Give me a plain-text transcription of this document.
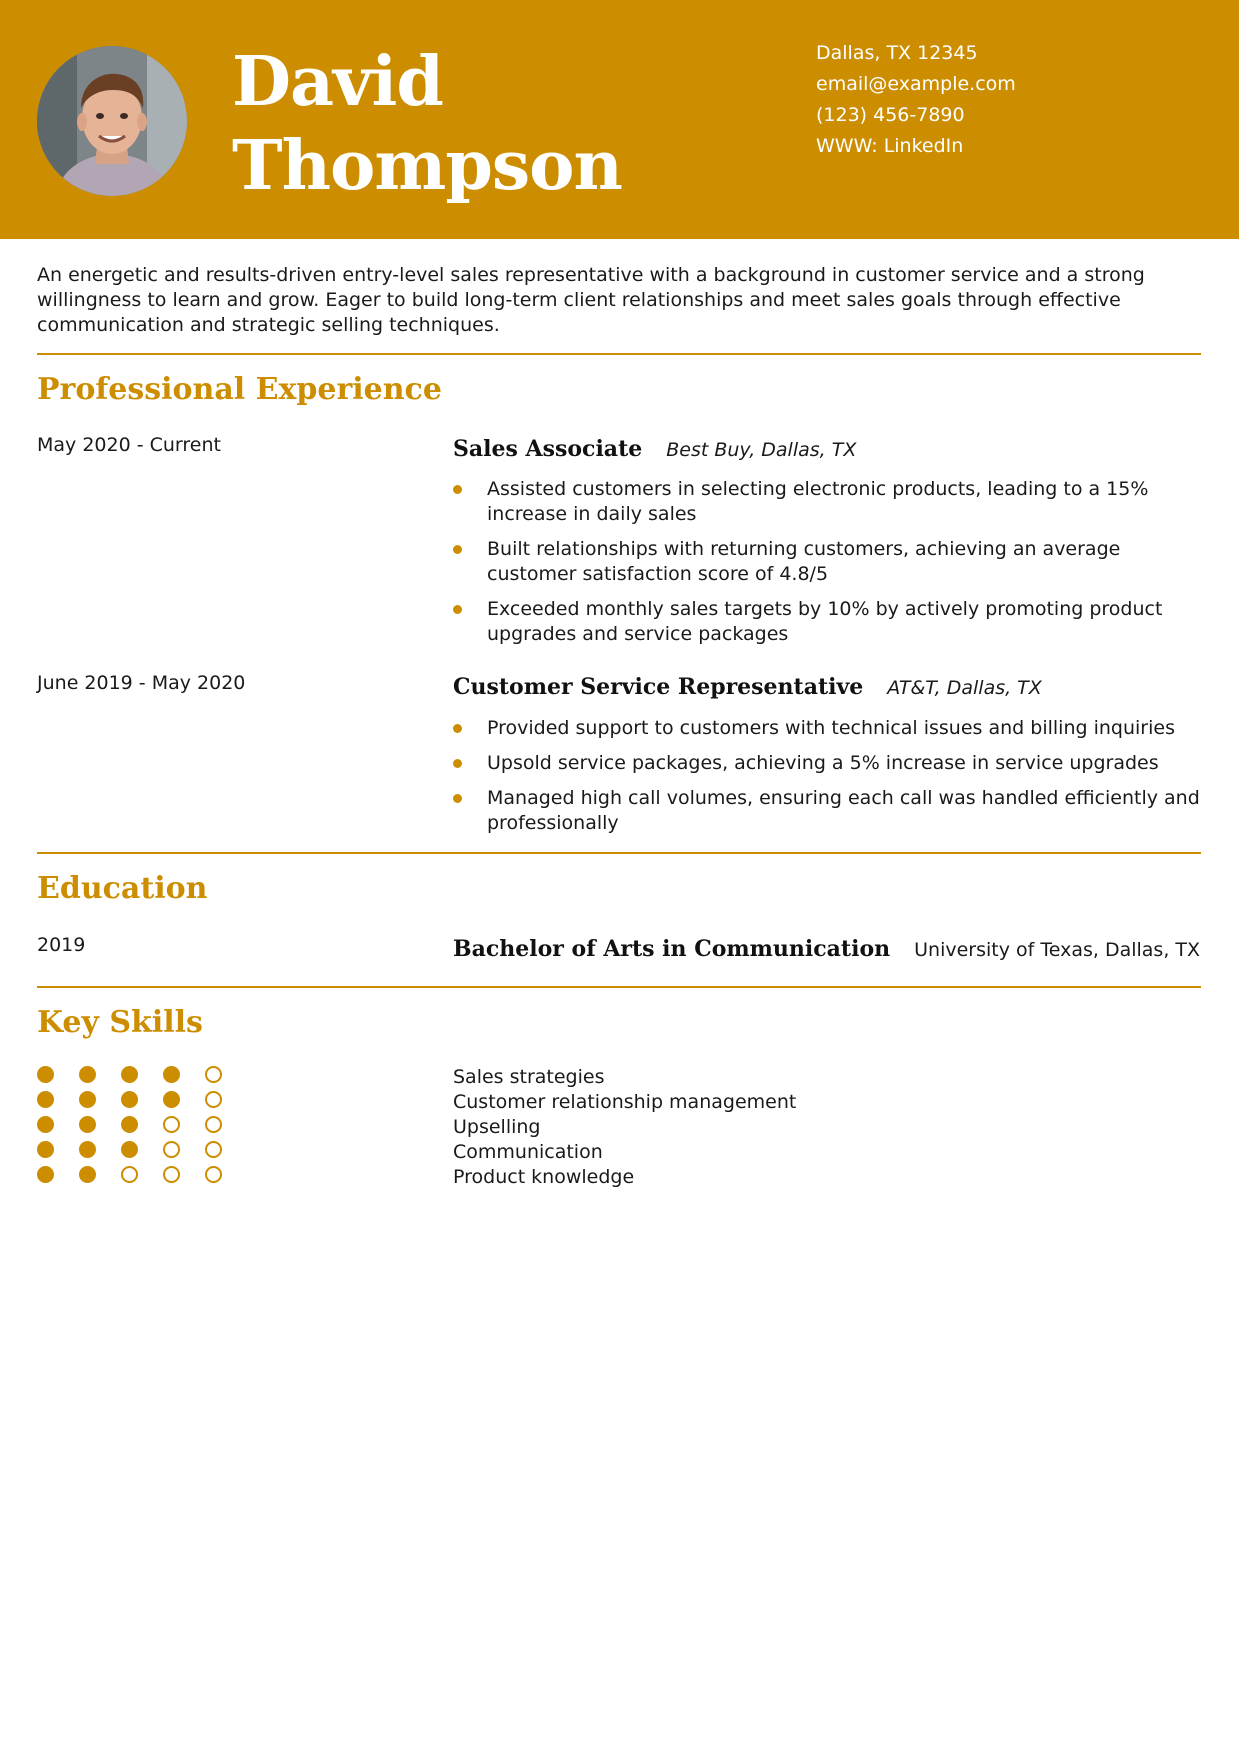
David
Thompson
Dallas, TX 12345
email@example.com
(123) 456-7890
WWW: LinkedIn
An energetic and results-driven entry-level sales representative with a background in customer service and a strong willingness to learn and grow. Eager to build long-term client relationships and meet sales goals through effective communication and strategic selling techniques.
Professional Experience
May 2020 - Current	Sales Associate Best Buy, Dallas, TX
Assisted customers in selecting electronic products, leading to a 15% increase in daily sales
Built relationships with returning customers, achieving an average customer satisfaction score of 4.8/5
Exceeded monthly sales targets by 10% by actively promoting product upgrades and service packages
June 2019 - May 2020	Customer Service Representative AT&T, Dallas, TX
Provided support to customers with technical issues and billing inquiries
Upsold service packages, achieving a 5% increase in service upgrades
Managed high call volumes, ensuring each call was handled efficiently and professionally
Education
2019	Bachelor of Arts in Communication University of Texas, Dallas, TX
Key Skills
Sales strategies
Customer relationship management
Upselling
Communication
Product knowledge
